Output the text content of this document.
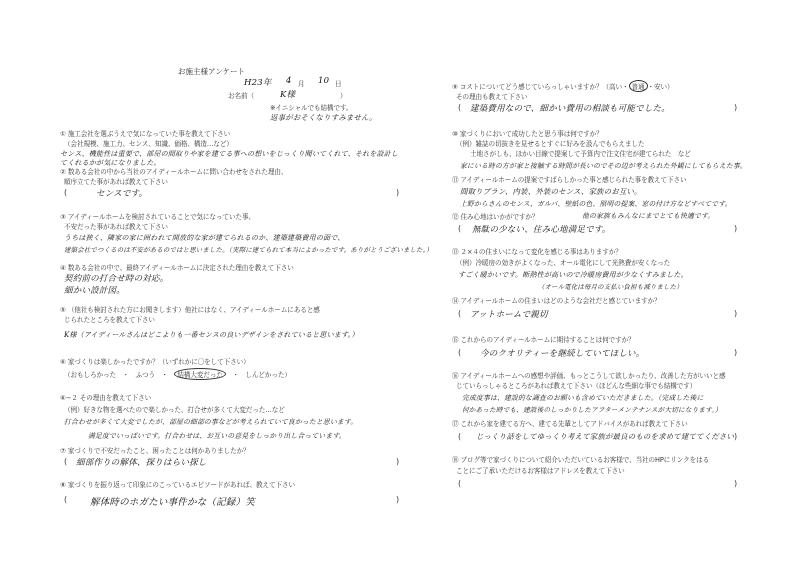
お施主様アンケート
H23年 4 月 10 日
お名前（	K様	）
※イニシャルでも結構です。
返事がおそくなりすみません。
① 施工会社を選ぶうえで気になっていた事を教えて下さい
（会社規模、施工力、センス、知識、価格、構造…など）
センス、機能性は重要で、部屋の間取りや家を建てる事への想いをじっくり聞いてくれて、それを設計してくれるかが気になりました。
② 数ある会社の中から当社のアイディールホームに問い合わせをされた理由、
順序立てた事があれば教えて下さい
(	センスです。	)
③ アイディールホームを検討されていることで気になっていた事、
不安だった事があれば教えて下さい
うちは狭く、隣家の家に囲われて開放的な家が建てられるのか、建築建築費用の面で、
建築会社でつくるのは不安があるのではと思いました。（実際に建てられて本当によかったです。ありがとうございました。）
④ 数ある会社の中で、最終アイディールホームに決定された理由を教えて下さい
契約前の打合せ時の対応。
細かい設計図。
⑤ （他社も検討された方にお聞きします）他社にはなく、アイディールホームにあると感
じられたところを教えて下さい
K様（アイディールさんはどこよりも一番センスの良いデザインをされていると思います。）
⑥ 家づくりは楽しかったですか？（いずれかに〇をして下さい）
（おもしろかった　・　ふつう　・　結構大変だった　・　しんどかった）
⑥−２ その理由を教えて下さい
（例）好きな物を選べたので楽しかった、打合せが多くて大変だった…など
打合わせが多くて大変でしたが、部屋の細部の事などが考えられていて良かったと思います。
満足度でいっぱいです。打合わせは、お互いの意見をしっかり出し合っています。
⑦ 家づくりで不安だったこと、困ったことは何かありましたか？
( 細部作りの解体、探りはらい探し	)
⑧ 家づくりを振り返って印象にのこっているエピソードがあれば、教えて下さい
( 解体時のホガたい事件かな（記録）笑	)
⑨ コストについてどう感じていらっしゃいますか？（高い・ 普通 ・安い）
その理由も教えて下さい
( 建築費用なので、細かい費用の相談も可能でした。	)
⑩ 家づくりにおいて成功したと思う事は何ですか？
（例）雑誌の切抜きを見せるとすぐに好みを汲んでもらえました
土地さがしも、ほかい目線で提案して予算内で注文住宅が建てられた　など
家にいる時の方が家と接触する時間が長いのでその辺が考えられた外観にしてもらえた事。
⑪ アイディールホームの提案ですばらしかった事と感じられた事を教えて下さい
間取りプラン、内装、外装のセンス、家族のお互い。
上野からさんのセンス、ガルバ、壁紙の色、照明の提案、窓の付け方などすべてです。
⑫ 住み心地はいかがですか？	他の家族もみんなにまでとても快適です。
( 無駄の少ない、住み心地満足です。	)
⑬ ２×４の住まいになって変化を感じる事はありますか？
（例）冷暖房の効きがよくなった、オール電化にして光熱費が安くなった
すごく暖かいです。断熱性が高いので冷暖房費用が少なくすみました。
（オール電化は毎月の支払い負担も減りました）
⑭ アイディールホームの住まいはどのような会社だと感じていますか？
( アットホームで親切	)
⑮ これからのアイディールホームに期待することは何ですか？
( 今のクオリティーを継続していてほしい。	)
⑯ アイディールホームへの感想や評価、もっとこうして欲しかったり、改善した方がいいと感
じていらっしゃるところがあれば教えて下さい（ほどんな些細な事でも結構です）
完成度事は、建設的な調査のお願いも含めていただきました。（完成した後に
何かあった時でも、建設後のしっかりしたアフターメンテナンスが大切になります。）
⑰ これから家を建てる方へ、建てる先輩としてアドバイスがあれば教えて下さい
( じっくり話をしてゆっくり考えて家族が最良のものを求めて建ててください )
⑱ ブログ等で家づくりについて紹介いただいているお客様で、当社のHPにリンクをはる
ことにご了承いただけるお客様はアドレスを教えて下さい
(	)
